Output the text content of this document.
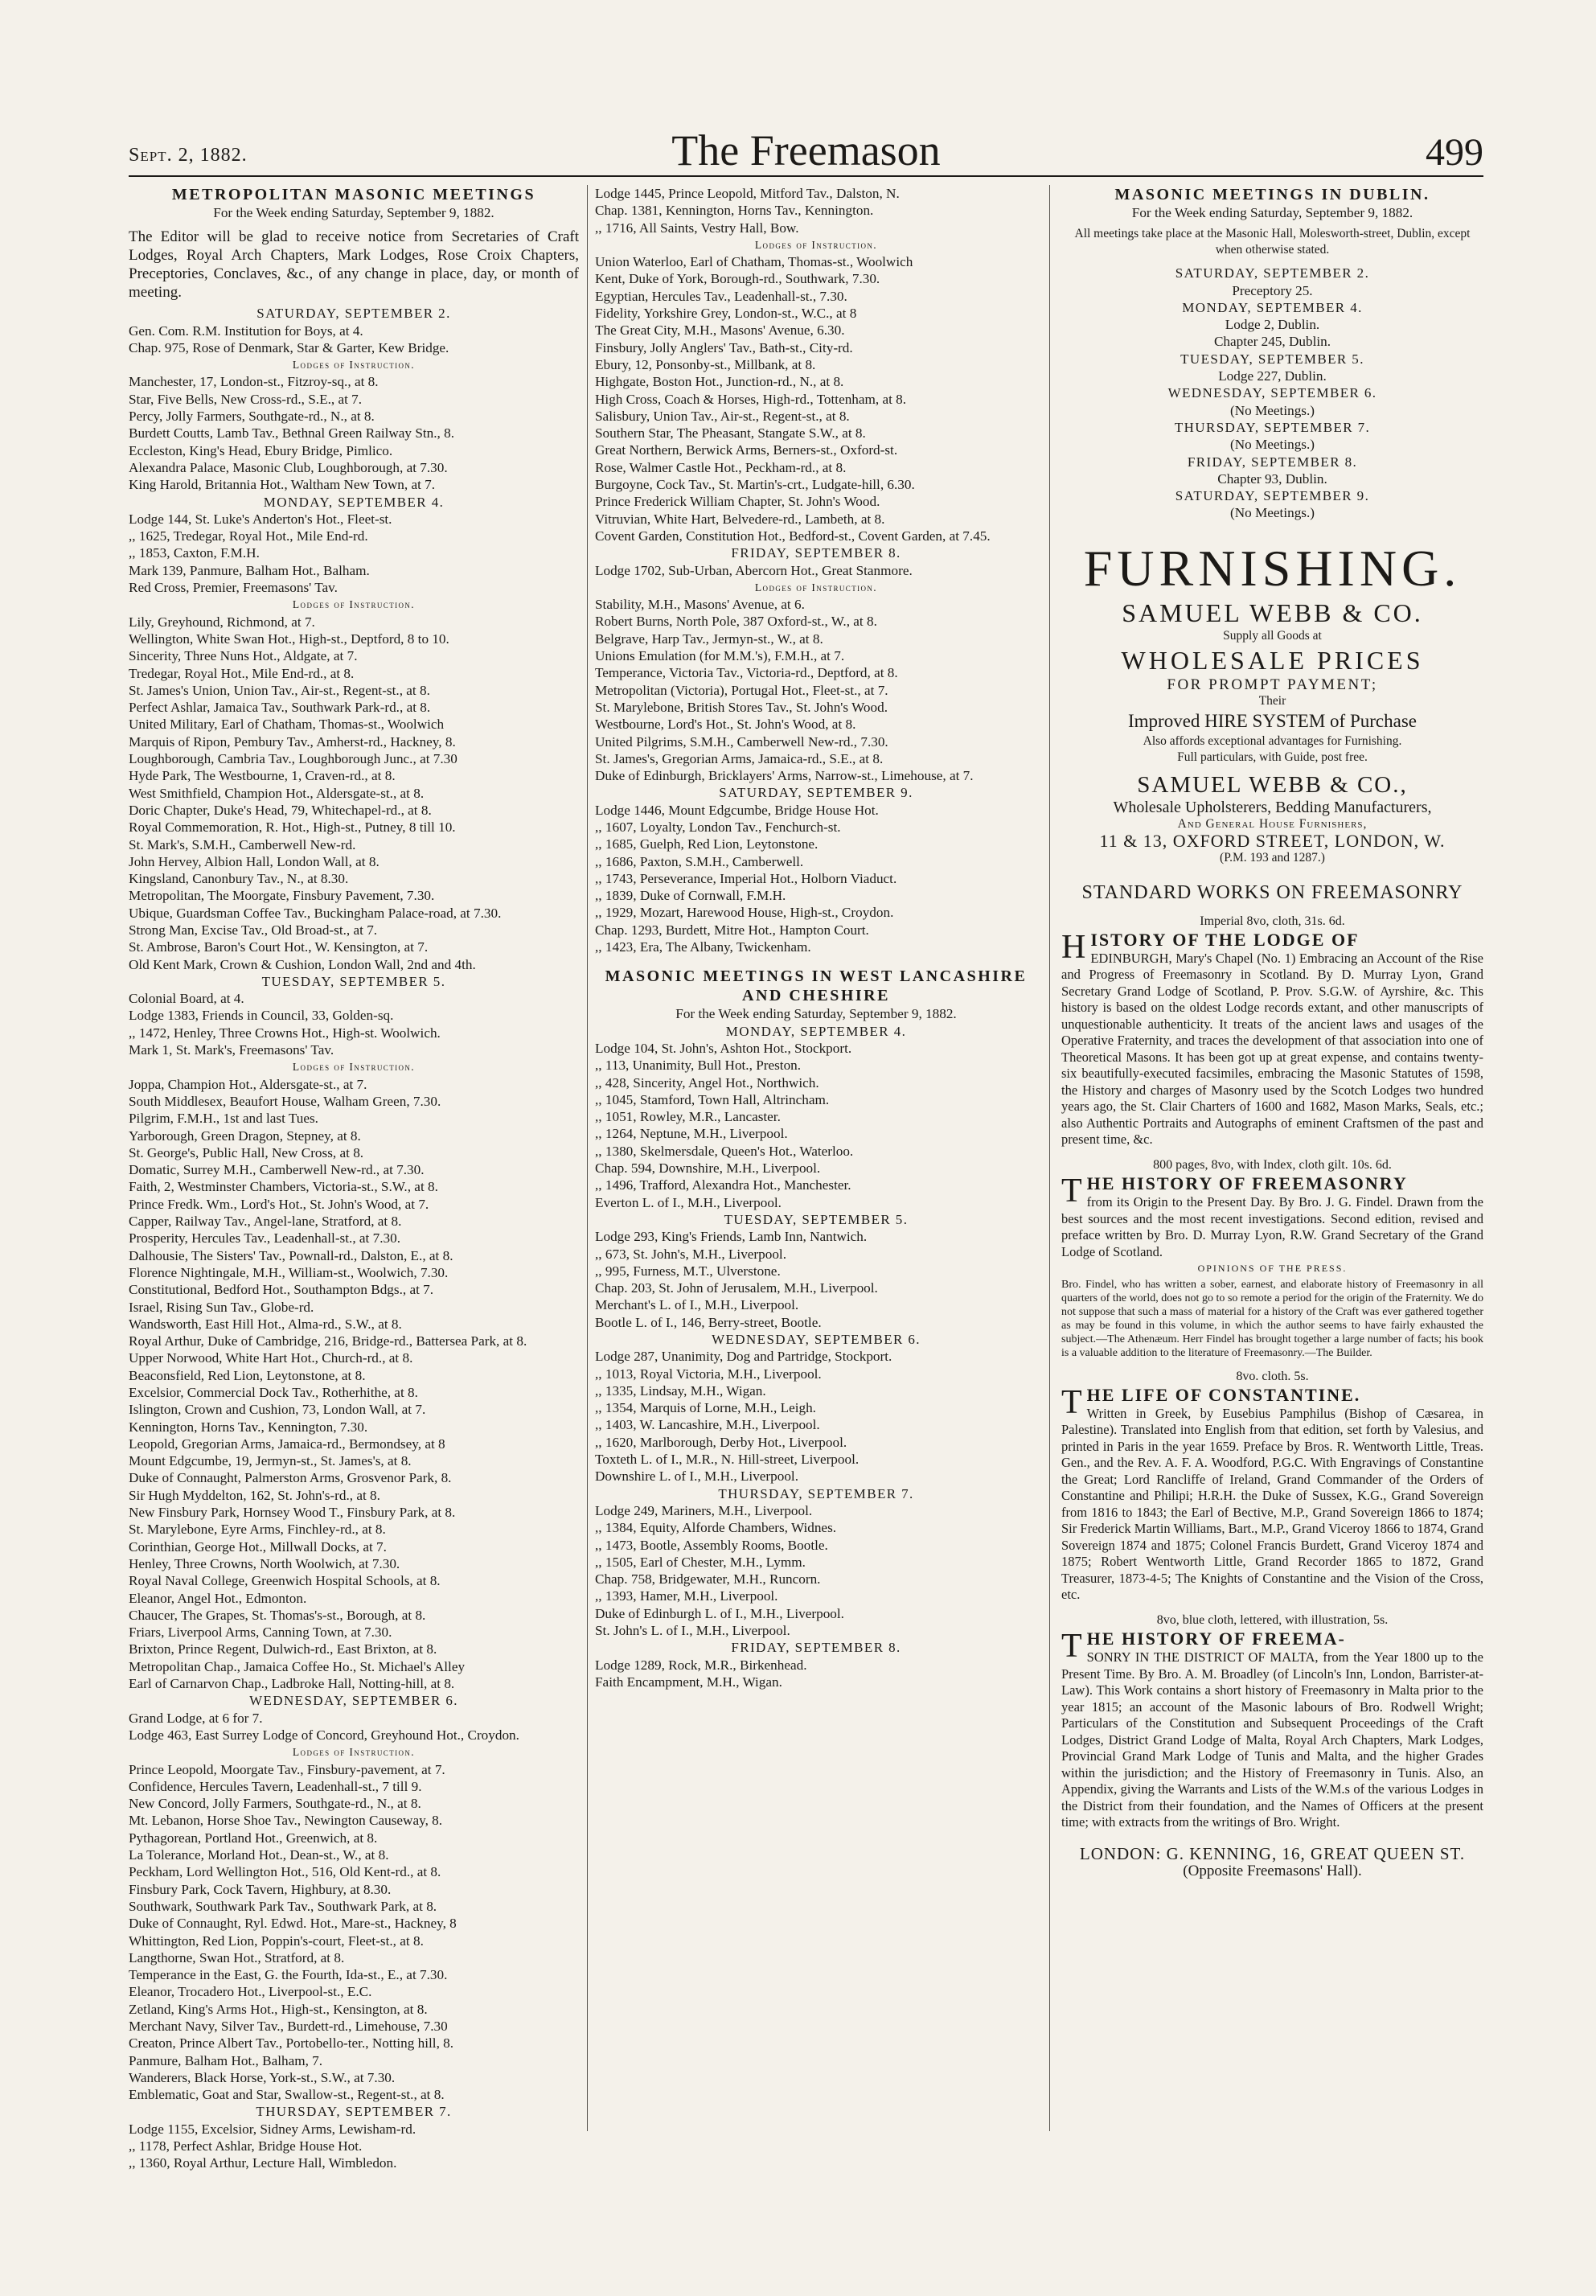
Sept. 2, 1882.	The Freemason	499
METROPOLITAN MASONIC MEETINGS
For the Week ending Saturday, September 9, 1882.
The Editor will be glad to receive notice from Secretaries of Craft Lodges, Royal Arch Chapters, Mark Lodges, Rose Croix Chapters, Preceptories, Conclaves, &c., of any change in place, day, or month of meeting.
SATURDAY, SEPTEMBER 2.
Gen. Com. R.M. Institution for Boys, at 4.
Chap. 975, Rose of Denmark, Star & Garter, Kew Bridge.
Lodges of Instruction.
Manchester, 17, London-st., Fitzroy-sq., at 8.
Star, Five Bells, New Cross-rd., S.E., at 7.
Percy, Jolly Farmers, Southgate-rd., N., at 8.
Burdett Coutts, Lamb Tav., Bethnal Green Railway Stn., 8.
Eccleston, King's Head, Ebury Bridge, Pimlico.
Alexandra Palace, Masonic Club, Loughborough, at 7.30.
King Harold, Britannia Hot., Waltham New Town, at 7.
MONDAY, SEPTEMBER 4.
Lodge 144, St. Luke's Anderton's Hot., Fleet-st.
,, 1625, Tredegar, Royal Hot., Mile End-rd.
,, 1853, Caxton, F.M.H.
Mark 139, Panmure, Balham Hot., Balham.
Red Cross, Premier, Freemasons' Tav.
Lodges of Instruction.
Lily, Greyhound, Richmond, at 7.
Wellington, White Swan Hot., High-st., Deptford, 8 to 10.
Sincerity, Three Nuns Hot., Aldgate, at 7.
Tredegar, Royal Hot., Mile End-rd., at 8.
St. James's Union, Union Tav., Air-st., Regent-st., at 8.
Perfect Ashlar, Jamaica Tav., Southwark Park-rd., at 8.
United Military, Earl of Chatham, Thomas-st., Woolwich
Marquis of Ripon, Pembury Tav., Amherst-rd., Hackney, 8.
Loughborough, Cambria Tav., Loughborough Junc., at 7.30
Hyde Park, The Westbourne, 1, Craven-rd., at 8.
West Smithfield, Champion Hot., Aldersgate-st., at 8.
Doric Chapter, Duke's Head, 79, Whitechapel-rd., at 8.
Royal Commemoration, R. Hot., High-st., Putney, 8 till 10.
St. Mark's, S.M.H., Camberwell New-rd.
John Hervey, Albion Hall, London Wall, at 8.
Kingsland, Canonbury Tav., N., at 8.30.
Metropolitan, The Moorgate, Finsbury Pavement, 7.30.
Ubique, Guardsman Coffee Tav., Buckingham Palace-road, at 7.30.
Strong Man, Excise Tav., Old Broad-st., at 7.
St. Ambrose, Baron's Court Hot., W. Kensington, at 7.
Old Kent Mark, Crown & Cushion, London Wall, 2nd and 4th.
TUESDAY, SEPTEMBER 5.
Colonial Board, at 4.
Lodge 1383, Friends in Council, 33, Golden-sq.
,, 1472, Henley, Three Crowns Hot., High-st. Woolwich.
Mark 1, St. Mark's, Freemasons' Tav.
Lodges of Instruction.
Joppa, Champion Hot., Aldersgate-st., at 7.
South Middlesex, Beaufort House, Walham Green, 7.30.
Pilgrim, F.M.H., 1st and last Tues.
Yarborough, Green Dragon, Stepney, at 8.
St. George's, Public Hall, New Cross, at 8.
Domatic, Surrey M.H., Camberwell New-rd., at 7.30.
Faith, 2, Westminster Chambers, Victoria-st., S.W., at 8.
Prince Fredk. Wm., Lord's Hot., St. John's Wood, at 7.
Capper, Railway Tav., Angel-lane, Stratford, at 8.
Prosperity, Hercules Tav., Leadenhall-st., at 7.30.
Dalhousie, The Sisters' Tav., Pownall-rd., Dalston, E., at 8.
Florence Nightingale, M.H., William-st., Woolwich, 7.30.
Constitutional, Bedford Hot., Southampton Bdgs., at 7.
Israel, Rising Sun Tav., Globe-rd.
Wandsworth, East Hill Hot., Alma-rd., S.W., at 8.
Royal Arthur, Duke of Cambridge, 216, Bridge-rd., Battersea Park, at 8.
Upper Norwood, White Hart Hot., Church-rd., at 8.
Beaconsfield, Red Lion, Leytonstone, at 8.
Excelsior, Commercial Dock Tav., Rotherhithe, at 8.
Islington, Crown and Cushion, 73, London Wall, at 7.
Kennington, Horns Tav., Kennington, 7.30.
Leopold, Gregorian Arms, Jamaica-rd., Bermondsey, at 8
Mount Edgcumbe, 19, Jermyn-st., St. James's, at 8.
Duke of Connaught, Palmerston Arms, Grosvenor Park, 8.
Sir Hugh Myddelton, 162, St. John's-rd., at 8.
New Finsbury Park, Hornsey Wood T., Finsbury Park, at 8.
St. Marylebone, Eyre Arms, Finchley-rd., at 8.
Corinthian, George Hot., Millwall Docks, at 7.
Henley, Three Crowns, North Woolwich, at 7.30.
Royal Naval College, Greenwich Hospital Schools, at 8.
Eleanor, Angel Hot., Edmonton.
Chaucer, The Grapes, St. Thomas's-st., Borough, at 8.
Friars, Liverpool Arms, Canning Town, at 7.30.
Brixton, Prince Regent, Dulwich-rd., East Brixton, at 8.
Metropolitan Chap., Jamaica Coffee Ho., St. Michael's Alley
Earl of Carnarvon Chap., Ladbroke Hall, Notting-hill, at 8.
WEDNESDAY, SEPTEMBER 6.
Grand Lodge, at 6 for 7.
Lodge 463, East Surrey Lodge of Concord, Greyhound Hot., Croydon.
Lodges of Instruction.
Prince Leopold, Moorgate Tav., Finsbury-pavement, at 7.
Confidence, Hercules Tavern, Leadenhall-st., 7 till 9.
New Concord, Jolly Farmers, Southgate-rd., N., at 8.
Mt. Lebanon, Horse Shoe Tav., Newington Causeway, 8.
Pythagorean, Portland Hot., Greenwich, at 8.
La Tolerance, Morland Hot., Dean-st., W., at 8.
Peckham, Lord Wellington Hot., 516, Old Kent-rd., at 8.
Finsbury Park, Cock Tavern, Highbury, at 8.30.
Southwark, Southwark Park Tav., Southwark Park, at 8.
Duke of Connaught, Ryl. Edwd. Hot., Mare-st., Hackney, 8
Whittington, Red Lion, Poppin's-court, Fleet-st., at 8.
Langthorne, Swan Hot., Stratford, at 8.
Temperance in the East, G. the Fourth, Ida-st., E., at 7.30.
Eleanor, Trocadero Hot., Liverpool-st., E.C.
Zetland, King's Arms Hot., High-st., Kensington, at 8.
Merchant Navy, Silver Tav., Burdett-rd., Limehouse, 7.30
Creaton, Prince Albert Tav., Portobello-ter., Notting hill, 8.
Panmure, Balham Hot., Balham, 7.
Wanderers, Black Horse, York-st., S.W., at 7.30.
Emblematic, Goat and Star, Swallow-st., Regent-st., at 8.
THURSDAY, SEPTEMBER 7.
Lodge 1155, Excelsior, Sidney Arms, Lewisham-rd.
,, 1178, Perfect Ashlar, Bridge House Hot.
,, 1360, Royal Arthur, Lecture Hall, Wimbledon.
Lodge 1445, Prince Leopold, Mitford Tav., Dalston, N.
Chap. 1381, Kennington, Horns Tav., Kennington.
,, 1716, All Saints, Vestry Hall, Bow.
Lodges of Instruction.
Union Waterloo, Earl of Chatham, Thomas-st., Woolwich
Kent, Duke of York, Borough-rd., Southwark, 7.30.
Egyptian, Hercules Tav., Leadenhall-st., 7.30.
Fidelity, Yorkshire Grey, London-st., W.C., at 8
The Great City, M.H., Masons' Avenue, 6.30.
Finsbury, Jolly Anglers' Tav., Bath-st., City-rd.
Ebury, 12, Ponsonby-st., Millbank, at 8.
Highgate, Boston Hot., Junction-rd., N., at 8.
High Cross, Coach & Horses, High-rd., Tottenham, at 8.
Salisbury, Union Tav., Air-st., Regent-st., at 8.
Southern Star, The Pheasant, Stangate S.W., at 8.
Great Northern, Berwick Arms, Berners-st., Oxford-st.
Rose, Walmer Castle Hot., Peckham-rd., at 8.
Burgoyne, Cock Tav., St. Martin's-crt., Ludgate-hill, 6.30.
Prince Frederick William Chapter, St. John's Wood.
Vitruvian, White Hart, Belvedere-rd., Lambeth, at 8.
Covent Garden, Constitution Hot., Bedford-st., Covent Garden, at 7.45.
FRIDAY, SEPTEMBER 8.
Lodge 1702, Sub-Urban, Abercorn Hot., Great Stanmore.
Lodges of Instruction.
Stability, M.H., Masons' Avenue, at 6.
Robert Burns, North Pole, 387 Oxford-st., W., at 8.
Belgrave, Harp Tav., Jermyn-st., W., at 8.
Unions Emulation (for M.M.'s), F.M.H., at 7.
Temperance, Victoria Tav., Victoria-rd., Deptford, at 8.
Metropolitan (Victoria), Portugal Hot., Fleet-st., at 7.
St. Marylebone, British Stores Tav., St. John's Wood.
Westbourne, Lord's Hot., St. John's Wood, at 8.
United Pilgrims, S.M.H., Camberwell New-rd., 7.30.
St. James's, Gregorian Arms, Jamaica-rd., S.E., at 8.
Duke of Edinburgh, Bricklayers' Arms, Narrow-st., Limehouse, at 7.
SATURDAY, SEPTEMBER 9.
Lodge 1446, Mount Edgcumbe, Bridge House Hot.
,, 1607, Loyalty, London Tav., Fenchurch-st.
,, 1685, Guelph, Red Lion, Leytonstone.
,, 1686, Paxton, S.M.H., Camberwell.
,, 1743, Perseverance, Imperial Hot., Holborn Viaduct.
,, 1839, Duke of Cornwall, F.M.H.
,, 1929, Mozart, Harewood House, High-st., Croydon.
Chap. 1293, Burdett, Mitre Hot., Hampton Court.
,, 1423, Era, The Albany, Twickenham.
MASONIC MEETINGS IN WEST LANCASHIRE AND CHESHIRE
For the Week ending Saturday, September 9, 1882.
MONDAY, SEPTEMBER 4.
Lodge 104, St. John's, Ashton Hot., Stockport.
,, 113, Unanimity, Bull Hot., Preston.
,, 428, Sincerity, Angel Hot., Northwich.
,, 1045, Stamford, Town Hall, Altrincham.
,, 1051, Rowley, M.R., Lancaster.
,, 1264, Neptune, M.H., Liverpool.
,, 1380, Skelmersdale, Queen's Hot., Waterloo.
Chap. 594, Downshire, M.H., Liverpool.
,, 1496, Trafford, Alexandra Hot., Manchester.
Everton L. of I., M.H., Liverpool.
TUESDAY, SEPTEMBER 5.
Lodge 293, King's Friends, Lamb Inn, Nantwich.
,, 673, St. John's, M.H., Liverpool.
,, 995, Furness, M.T., Ulverstone.
Chap. 203, St. John of Jerusalem, M.H., Liverpool.
Merchant's L. of I., M.H., Liverpool.
Bootle L. of I., 146, Berry-street, Bootle.
WEDNESDAY, SEPTEMBER 6.
Lodge 287, Unanimity, Dog and Partridge, Stockport.
,, 1013, Royal Victoria, M.H., Liverpool.
,, 1335, Lindsay, M.H., Wigan.
,, 1354, Marquis of Lorne, M.H., Leigh.
,, 1403, W. Lancashire, M.H., Liverpool.
,, 1620, Marlborough, Derby Hot., Liverpool.
Toxteth L. of I., M.R., N. Hill-street, Liverpool.
Downshire L. of I., M.H., Liverpool.
THURSDAY, SEPTEMBER 7.
Lodge 249, Mariners, M.H., Liverpool.
,, 1384, Equity, Alforde Chambers, Widnes.
,, 1473, Bootle, Assembly Rooms, Bootle.
,, 1505, Earl of Chester, M.H., Lymm.
Chap. 758, Bridgewater, M.H., Runcorn.
,, 1393, Hamer, M.H., Liverpool.
Duke of Edinburgh L. of I., M.H., Liverpool.
St. John's L. of I., M.H., Liverpool.
FRIDAY, SEPTEMBER 8.
Lodge 1289, Rock, M.R., Birkenhead.
Faith Encampment, M.H., Wigan.
MASONIC MEETINGS IN DUBLIN.
For the Week ending Saturday, September 9, 1882.
All meetings take place at the Masonic Hall, Molesworth-street, Dublin, except when otherwise stated.
SATURDAY, SEPTEMBER 2.
Preceptory 25.
MONDAY, SEPTEMBER 4.
Lodge 2, Dublin.
Chapter 245, Dublin.
TUESDAY, SEPTEMBER 5.
Lodge 227, Dublin.
WEDNESDAY, SEPTEMBER 6.
(No Meetings.)
THURSDAY, SEPTEMBER 7.
(No Meetings.)
FRIDAY, SEPTEMBER 8.
Chapter 93, Dublin.
SATURDAY, SEPTEMBER 9.
(No Meetings.)
FURNISHING.
SAMUEL WEBB & CO.
Supply all Goods at
WHOLESALE PRICES
FOR PROMPT PAYMENT;
Their
Improved HIRE SYSTEM of Purchase
Also affords exceptional advantages for Furnishing.
Full particulars, with Guide, post free.
SAMUEL WEBB & CO.,
Wholesale Upholsterers, Bedding Manufacturers,
And General House Furnishers,
11 & 13, OXFORD STREET, LONDON, W.
(P.M. 193 and 1287.)
STANDARD WORKS ON FREEMASONRY
Imperial 8vo, cloth, 31s. 6d.
HISTORY OF THE LODGE OF
EDINBURGH, Mary's Chapel (No. 1) Embracing an Account of the Rise and Progress of Freemasonry in Scotland. By D. Murray Lyon, Grand Secretary Grand Lodge of Scotland, P. Prov. S.G.W. of Ayrshire, &c. This history is based on the oldest Lodge records extant, and other manuscripts of unquestionable authenticity. It treats of the ancient laws and usages of the Operative Fraternity, and traces the development of that association into one of Theoretical Masons. It has been got up at great expense, and contains twenty-six beautifully-executed facsimiles, embracing the Masonic Statutes of 1598, the History and charges of Masonry used by the Scotch Lodges two hundred years ago, the St. Clair Charters of 1600 and 1682, Mason Marks, Seals, etc.; also Authentic Portraits and Autographs of eminent Craftsmen of the past and present time, &c.
800 pages, 8vo, with Index, cloth gilt. 10s. 6d.
THE HISTORY OF FREEMASONRY
from its Origin to the Present Day. By Bro. J. G. Findel. Drawn from the best sources and the most recent investigations. Second edition, revised and preface written by Bro. D. Murray Lyon, R.W. Grand Secretary of the Grand Lodge of Scotland.
OPINIONS OF THE PRESS.
Bro. Findel, who has written a sober, earnest, and elaborate history of Freemasonry in all quarters of the world, does not go to so remote a period for the origin of the Fraternity. We do not suppose that such a mass of material for a history of the Craft was ever gathered together as may be found in this volume, in which the author seems to have fairly exhausted the subject.—The Athenæum. Herr Findel has brought together a large number of facts; his book is a valuable addition to the literature of Freemasonry.—The Builder.
8vo. cloth. 5s.
THE LIFE OF CONSTANTINE.
Written in Greek, by Eusebius Pamphilus (Bishop of Cæsarea, in Palestine). Translated into English from that edition, set forth by Valesius, and printed in Paris in the year 1659. Preface by Bros. R. Wentworth Little, Treas. Gen., and the Rev. A. F. A. Woodford, P.G.C. With Engravings of Constantine the Great; Lord Rancliffe of Ireland, Grand Commander of the Orders of Constantine and Philipi; H.R.H. the Duke of Sussex, K.G., Grand Sovereign from 1816 to 1843; the Earl of Bective, M.P., Grand Sovereign 1866 to 1874; Sir Frederick Martin Williams, Bart., M.P., Grand Viceroy 1866 to 1874, Grand Sovereign 1874 and 1875; Colonel Francis Burdett, Grand Viceroy 1874 and 1875; Robert Wentworth Little, Grand Recorder 1865 to 1872, Grand Treasurer, 1873-4-5; The Knights of Constantine and the Vision of the Cross, etc.
8vo, blue cloth, lettered, with illustration, 5s.
THE HISTORY OF FREEMA-
SONRY IN THE DISTRICT OF MALTA, from the Year 1800 up to the Present Time. By Bro. A. M. Broadley (of Lincoln's Inn, London, Barrister-at-Law). This Work contains a short history of Freemasonry in Malta prior to the year 1815; an account of the Masonic labours of Bro. Rodwell Wright; Particulars of the Constitution and Subsequent Proceedings of the Craft Lodges, District Grand Lodge of Malta, Royal Arch Chapters, Mark Lodges, Provincial Grand Mark Lodge of Tunis and Malta, and the higher Grades within the jurisdiction; and the History of Freemasonry in Tunis. Also, an Appendix, giving the Warrants and Lists of the W.M.s of the various Lodges in the District from their foundation, and the Names of Officers at the present time; with extracts from the writings of Bro. Wright.
LONDON: G. KENNING, 16, GREAT QUEEN ST.
(Opposite Freemasons' Hall).
